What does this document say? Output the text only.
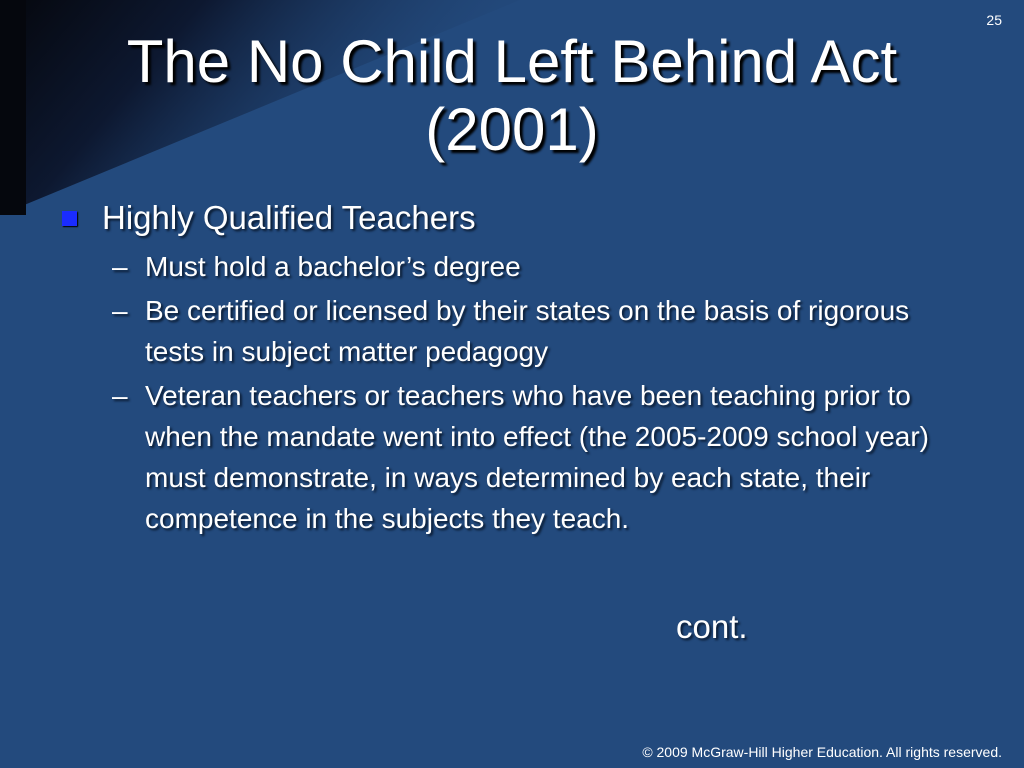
25
The No Child Left Behind Act
(2001)
Highly Qualified Teachers
– Must hold a bachelor’s degree
– Be certified or licensed by their states on the basis of rigorous tests in subject matter pedagogy
– Veteran teachers or teachers who have been teaching prior to when the mandate went into effect (the 2005-2009 school year) must demonstrate, in ways determined by each state, their competence in the subjects they teach.
cont.
© 2009 McGraw-Hill Higher Education. All rights reserved.
